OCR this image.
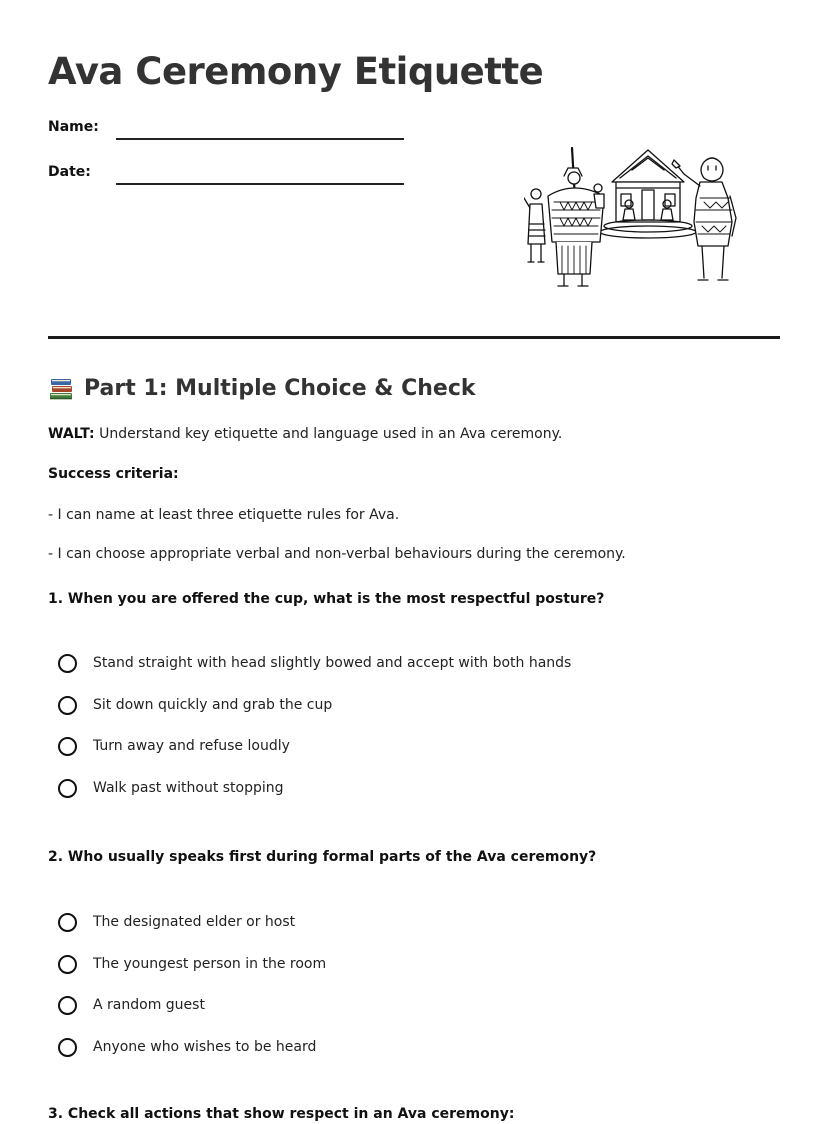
Ava Ceremony Etiquette
Name:
Date:
Part 1: Multiple Choice & Check
WALT: Understand key etiquette and language used in an Ava ceremony.
Success criteria:
- I can name at least three etiquette rules for Ava.
- I can choose appropriate verbal and non-verbal behaviours during the ceremony.
1. When you are offered the cup, what is the most respectful posture?
Stand straight with head slightly bowed and accept with both hands
Sit down quickly and grab the cup
Turn away and refuse loudly
Walk past without stopping
2. Who usually speaks first during formal parts of the Ava ceremony?
The designated elder or host
The youngest person in the room
A random guest
Anyone who wishes to be heard
3. Check all actions that show respect in an Ava ceremony:
